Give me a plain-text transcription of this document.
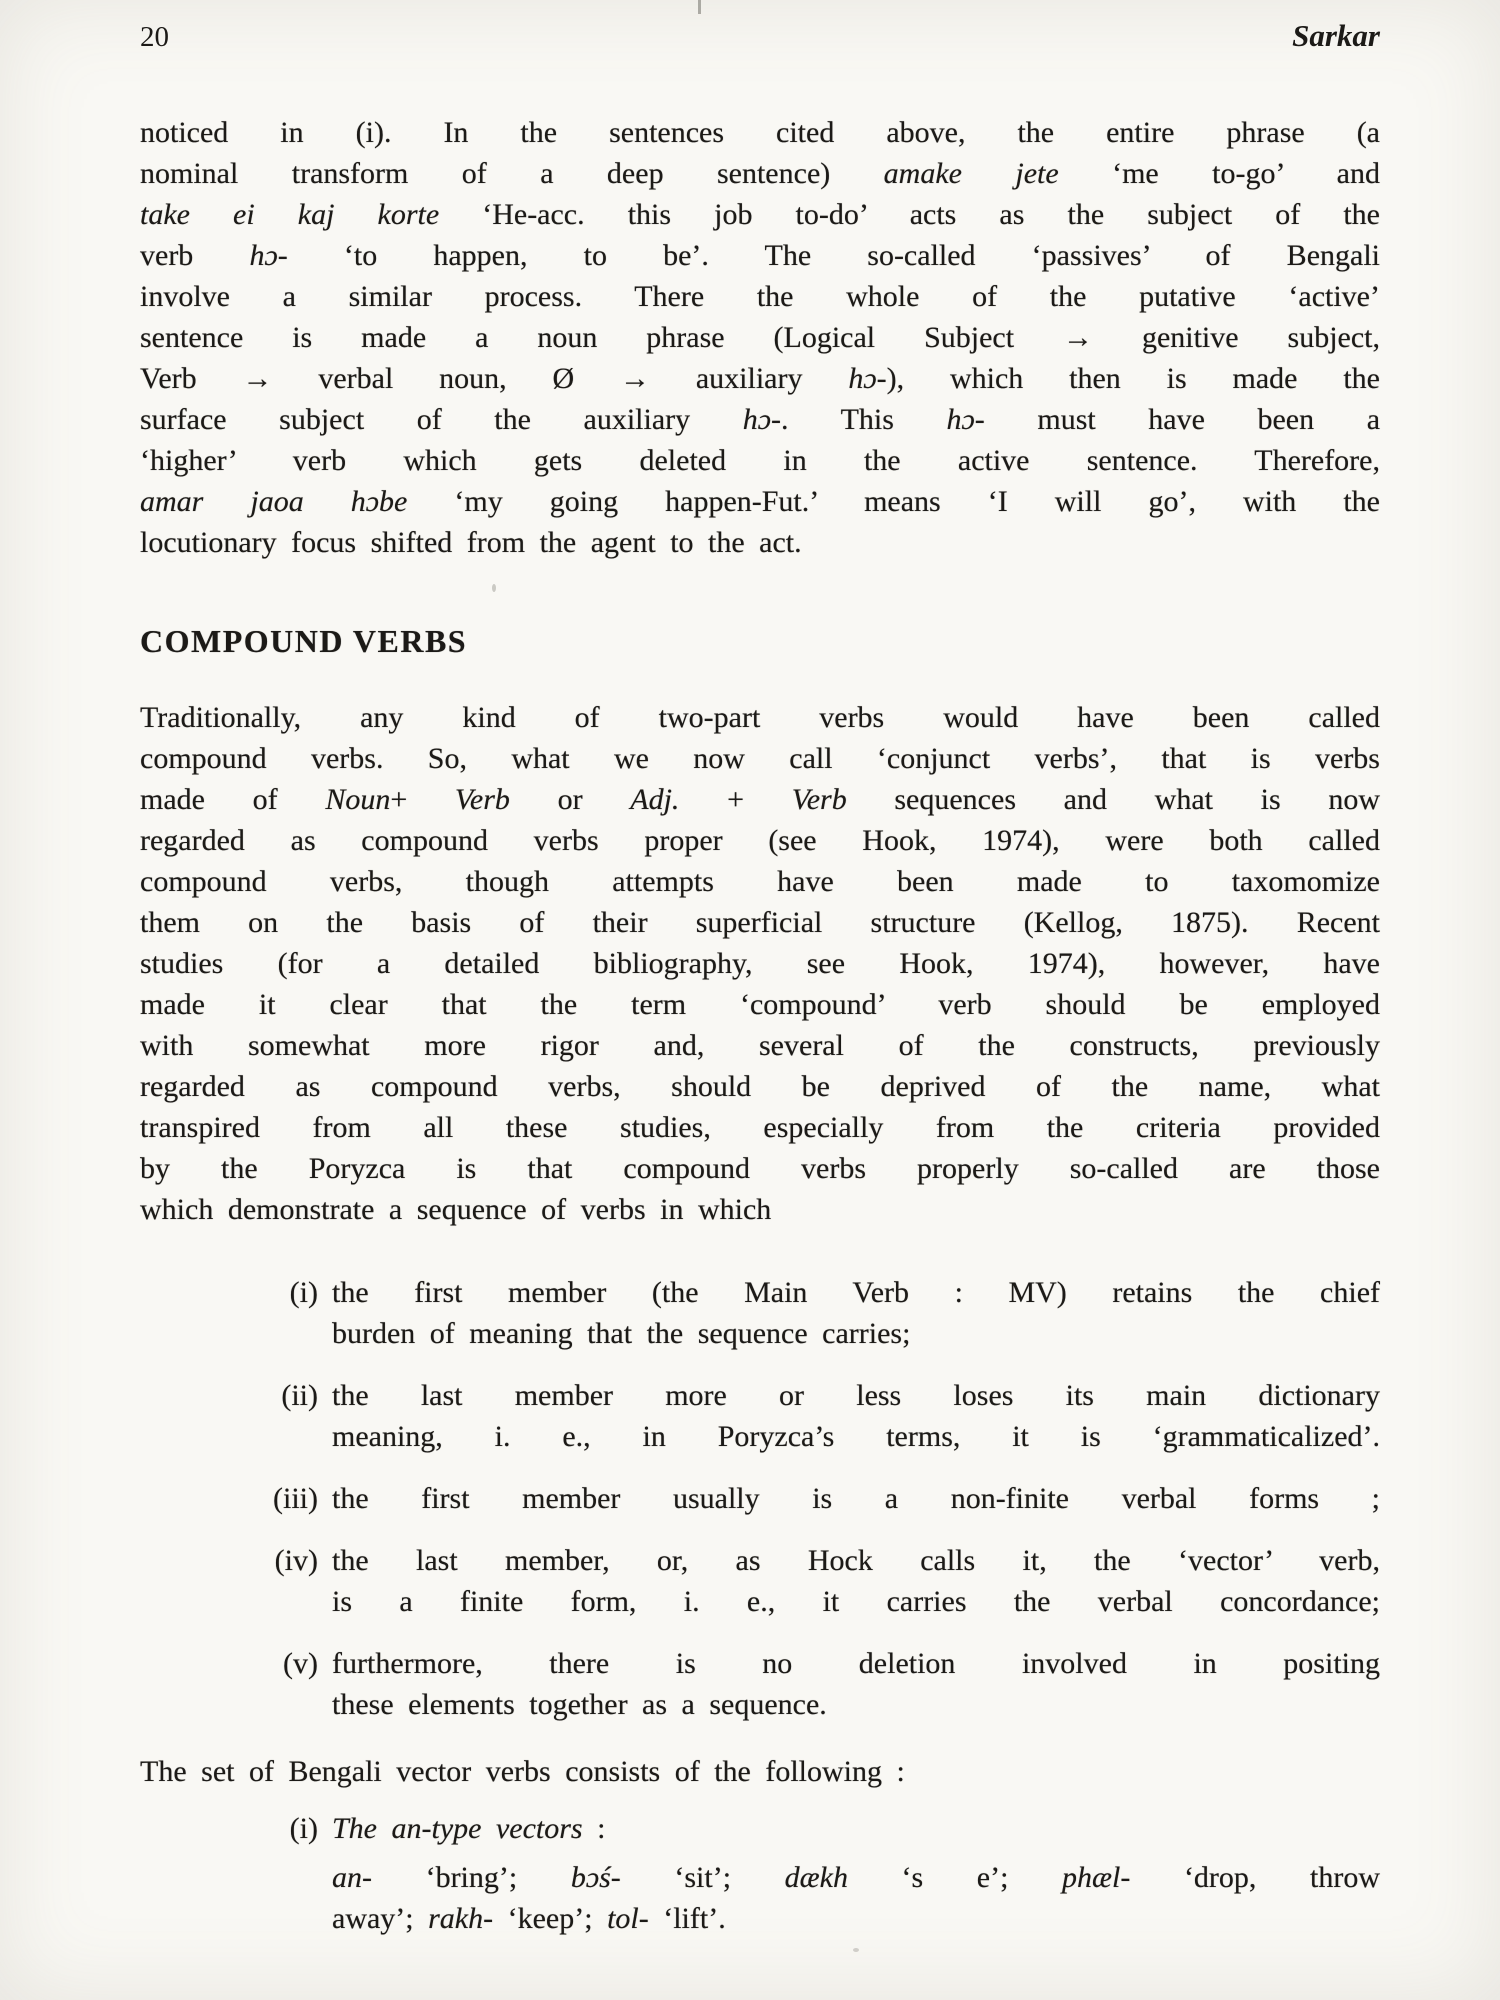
20	Sarkar
noticed in (i). In the sentences cited above, the entire phrase (a
nominal transform of a deep sentence) amake jete ‘me to-go’ and
take ei kaj korte ‘He-acc. this job to-do’ acts as the subject of the
verb hɔ- ‘to happen, to be’. The so-called ‘passives’ of Bengali
involve a similar process. There the whole of the putative ‘active’
sentence is made a noun phrase (Logical Subject → genitive subject,
Verb → verbal noun, Ø → auxiliary hɔ-), which then is made the
surface subject of the auxiliary hɔ-. This hɔ- must have been a
‘higher’ verb which gets deleted in the active sentence. Therefore,
amar jaoa hɔbe ‘my going happen-Fut.’ means ‘I will go’, with the
locutionary focus shifted from the agent to the act.
COMPOUND VERBS
Traditionally, any kind of two-part verbs would have been called
compound verbs. So, what we now call ‘conjunct verbs’, that is verbs
made of Noun+ Verb or Adj. + Verb sequences and what is now
regarded as compound verbs proper (see Hook, 1974), were both called
compound verbs, though attempts have been made to taxomomize
them on the basis of their superficial structure (Kellog, 1875). Recent
studies (for a detailed bibliography, see Hook, 1974), however, have
made it clear that the term ‘compound’ verb should be employed
with somewhat more rigor and, several of the constructs, previously
regarded as compound verbs, should be deprived of the name, what
transpired from all these studies, especially from the criteria provided
by the Poryzca is that compound verbs properly so-called are those
which demonstrate a sequence of verbs in which
(i) the first member (the Main Verb : MV) retains the chief
burden of meaning that the sequence carries;
(ii) the last member more or less loses its main dictionary
meaning, i. e., in Poryzca’s terms, it is ‘grammaticalized’.
(iii) the first member usually is a non-finite verbal forms ;
(iv) the last member, or, as Hock calls it, the ‘vector’ verb,
is a finite form, i. e., it carries the verbal concordance;
(v) furthermore, there is no deletion involved in positing
these elements together as a sequence.
The set of Bengali vector verbs consists of the following :
(i) The an-type vectors :
an- ‘bring’; bɔś- ‘sit’; dækh ‘s e’; phæl- ‘drop, throw
away’; rakh- ‘keep’; tol- ‘lift’.
